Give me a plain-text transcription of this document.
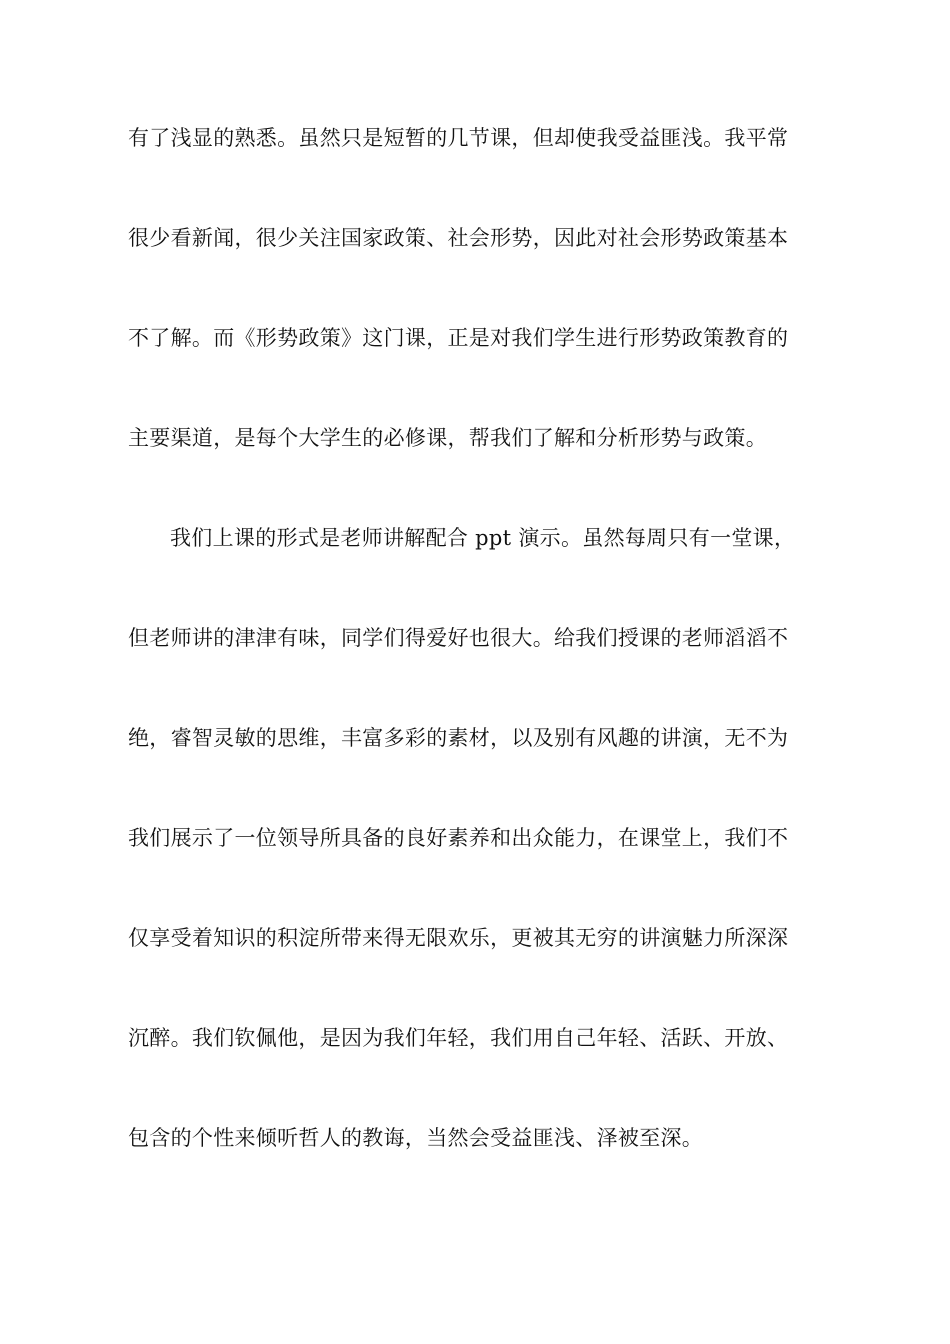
有了浅显的熟悉。虽然只是短暂的几节课，但却使我受益匪浅。我平常
很少看新闻，很少关注国家政策、社会形势，因此对社会形势政策基本
不了解。而《形势政策》这门课，正是对我们学生进行形势政策教育的
主要渠道，是每个大学生的必修课，帮我们了解和分析形势与政策。
我们上课的形式是老师讲解配合 ppt 演示。虽然每周只有一堂课，
但老师讲的津津有味，同学们得爱好也很大。给我们授课的老师滔滔不
绝，睿智灵敏的思维，丰富多彩的素材，以及别有风趣的讲演，无不为
我们展示了一位领导所具备的良好素养和出众能力，在课堂上，我们不
仅享受着知识的积淀所带来得无限欢乐，更被其无穷的讲演魅力所深深
沉醉。我们钦佩他，是因为我们年轻，我们用自己年轻、活跃、开放、
包含的个性来倾听哲人的教诲，当然会受益匪浅、泽被至深。
